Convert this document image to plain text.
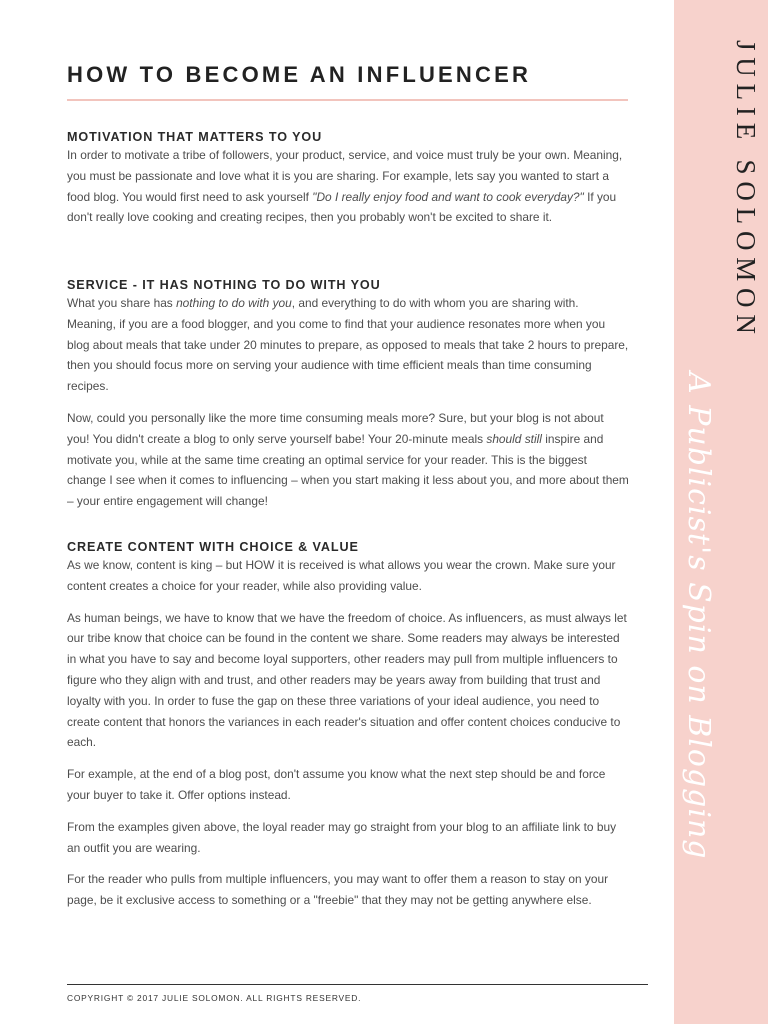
HOW TO BECOME AN INFLUENCER
MOTIVATION THAT MATTERS TO YOU

In order to motivate a tribe of followers, your product, service, and voice must truly be your own. Meaning, you must be passionate and love what it is you are sharing. For example, lets say you wanted to start a food blog. You would first need to ask yourself "Do I really enjoy food and want to cook everyday?" If you don't really love cooking and creating recipes, then you probably won't be excited to share it.

SERVICE - IT HAS NOTHING TO DO WITH YOU

What you share has nothing to do with you, and everything to do with whom you are sharing with. Meaning, if you are a food blogger, and you come to find that your audience resonates more when you blog about meals that take under 20 minutes to prepare, as opposed to meals that take 2 hours to prepare, then you should focus more on serving your audience with time efficient meals than time consuming recipes.

Now, could you personally like the more time consuming meals more? Sure, but your blog is not about you! You didn't create a blog to only serve yourself babe! Your 20-minute meals should still inspire and motivate you, while at the same time creating an optimal service for your reader. This is the biggest change I see when it comes to influencing – when you start making it less about you, and more about them – your entire engagement will change!

CREATE CONTENT WITH CHOICE & VALUE

As we know, content is king – but HOW it is received is what allows you wear the crown. Make sure your content creates a choice for your reader, while also providing value.

As human beings, we have to know that we have the freedom of choice. As influencers, as must always let our tribe know that choice can be found in the content we share. Some readers may always be interested in what you have to say and become loyal supporters, other readers may pull from multiple influencers to figure who they align with and trust, and other readers may be years away from building that trust and loyalty with you. In order to fuse the gap on these three variations of your ideal audience, you need to create content that honors the variances in each reader's situation and offer content choices conducive to each.

For example, at the end of a blog post, don't assume you know what the next step should be and force your buyer to take it. Offer options instead.

From the examples given above, the loyal reader may go straight from your blog to an affiliate link to buy an outfit you are wearing.

For the reader who pulls from multiple influencers, you may want to offer them a reason to stay on your page, be it exclusive access to something or a "freebie" that they may not be getting anywhere else.

COPYRIGHT © 2017 JULIE SOLOMON. ALL RIGHTS RESERVED.
JULIE SOLOMON
A Publicist's Spin on Blogging
